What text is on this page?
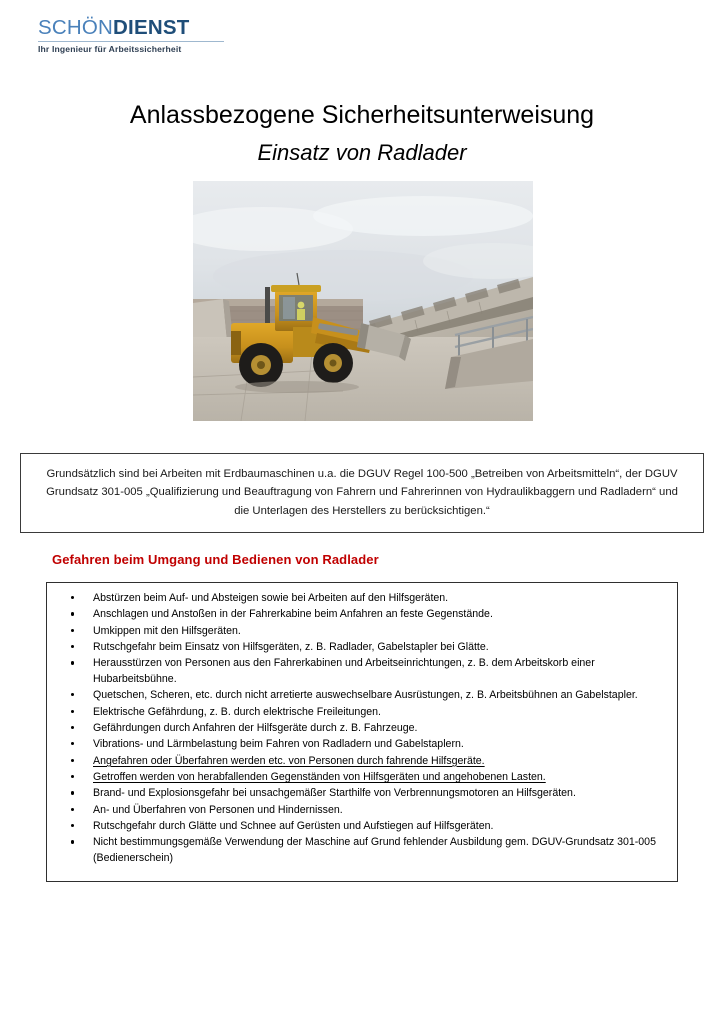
SCHÖNDIENST
Ihr Ingenieur für Arbeitssicherheit
Anlassbezogene Sicherheitsunterweisung
Einsatz von Radlader
Grundsätzlich sind bei Arbeiten mit Erdbaumaschinen u.a. die DGUV Regel 100-500 „Betreiben von Arbeitsmitteln“, der DGUV Grundsatz 301-005 „Qualifizierung und Beauftragung von Fahrern und Fahrerinnen von Hydraulikbaggern und Radladern“ und die Unterlagen des Herstellers zu berücksichtigen.“
Gefahren beim Umgang und Bedienen von Radlader
Abstürzen beim Auf- und Absteigen sowie bei Arbeiten auf den Hilfsgeräten.
Anschlagen und Anstoßen in der Fahrerkabine beim Anfahren an feste Gegenstände.
Umkippen mit den Hilfsgeräten.
Rutschgefahr beim Einsatz von Hilfsgeräten, z. B. Radlader, Gabelstapler bei Glätte.
Herausstürzen von Personen aus den Fahrerkabinen und Arbeitseinrichtungen, z. B. dem Arbeitskorb einer Hubarbeitsbühne.
Quetschen, Scheren, etc. durch nicht arretierte auswechselbare Ausrüstungen, z. B. Arbeitsbühnen an Gabelstapler.
Elektrische Gefährdung, z. B. durch elektrische Freileitungen.
Gefährdungen durch Anfahren der Hilfsgeräte durch z. B. Fahrzeuge.
Vibrations- und Lärmbelastung beim Fahren von Radladern und Gabelstaplern.
Angefahren oder Überfahren werden etc. von Personen durch fahrende Hilfsgeräte.
Getroffen werden von herabfallenden Gegenständen von Hilfsgeräten und angehobenen Lasten.
Brand- und Explosionsgefahr bei unsachgemäßer Starthilfe von Verbrennungsmotoren an Hilfsgeräten.
An- und Überfahren von Personen und Hindernissen.
Rutschgefahr durch Glätte und Schnee auf Gerüsten und Aufstiegen auf Hilfsgeräten.
Nicht bestimmungsgemäße Verwendung der Maschine auf Grund fehlender Ausbildung gem. DGUV-Grundsatz 301-005 (Bedienerschein)
